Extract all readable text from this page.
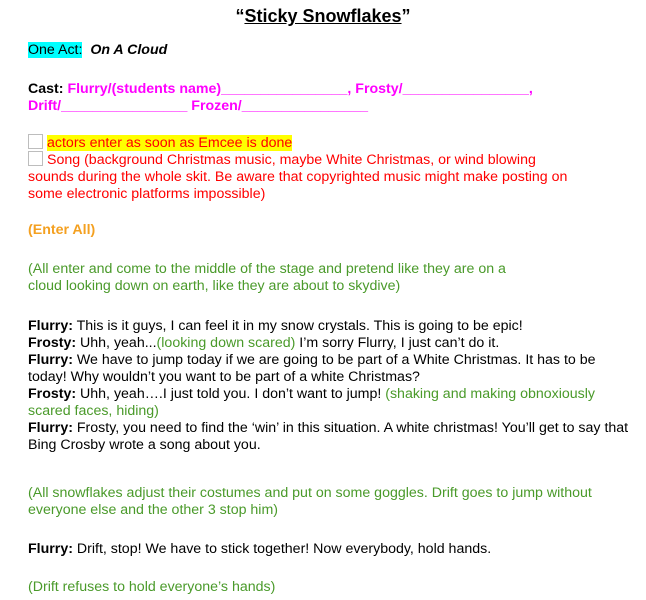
“Sticky Snowflakes”
One Act: On A Cloud
Cast: Flurry/(students name)________________, Frosty/________________,
Drift/________________ Frozen/________________
actors enter as soon as Emcee is done
Song (background Christmas music, maybe White Christmas, or wind blowing sounds during the whole skit. Be aware that copyrighted music might make posting on some electronic platforms impossible)
(Enter All)
(All enter and come to the middle of the stage and pretend like they are on a cloud looking down on earth, like they are about to skydive)
Flurry: This is it guys, I can feel it in my snow crystals. This is going to be epic!
Frosty: Uhh, yeah...(looking down scared) I’m sorry Flurry, I just can’t do it.
Flurry: We have to jump today if we are going to be part of a White Christmas. It has to be today! Why wouldn’t you want to be part of a white Christmas?
Frosty: Uhh, yeah….I just told you. I don’t want to jump! (shaking and making obnoxiously scared faces, hiding)
Flurry: Frosty, you need to find the ‘win’ in this situation. A white christmas! You’ll get to say that Bing Crosby wrote a song about you.
(All snowflakes adjust their costumes and put on some goggles. Drift goes to jump without everyone else and the other 3 stop him)
Flurry: Drift, stop! We have to stick together! Now everybody, hold hands.
(Drift refuses to hold everyone’s hands)
